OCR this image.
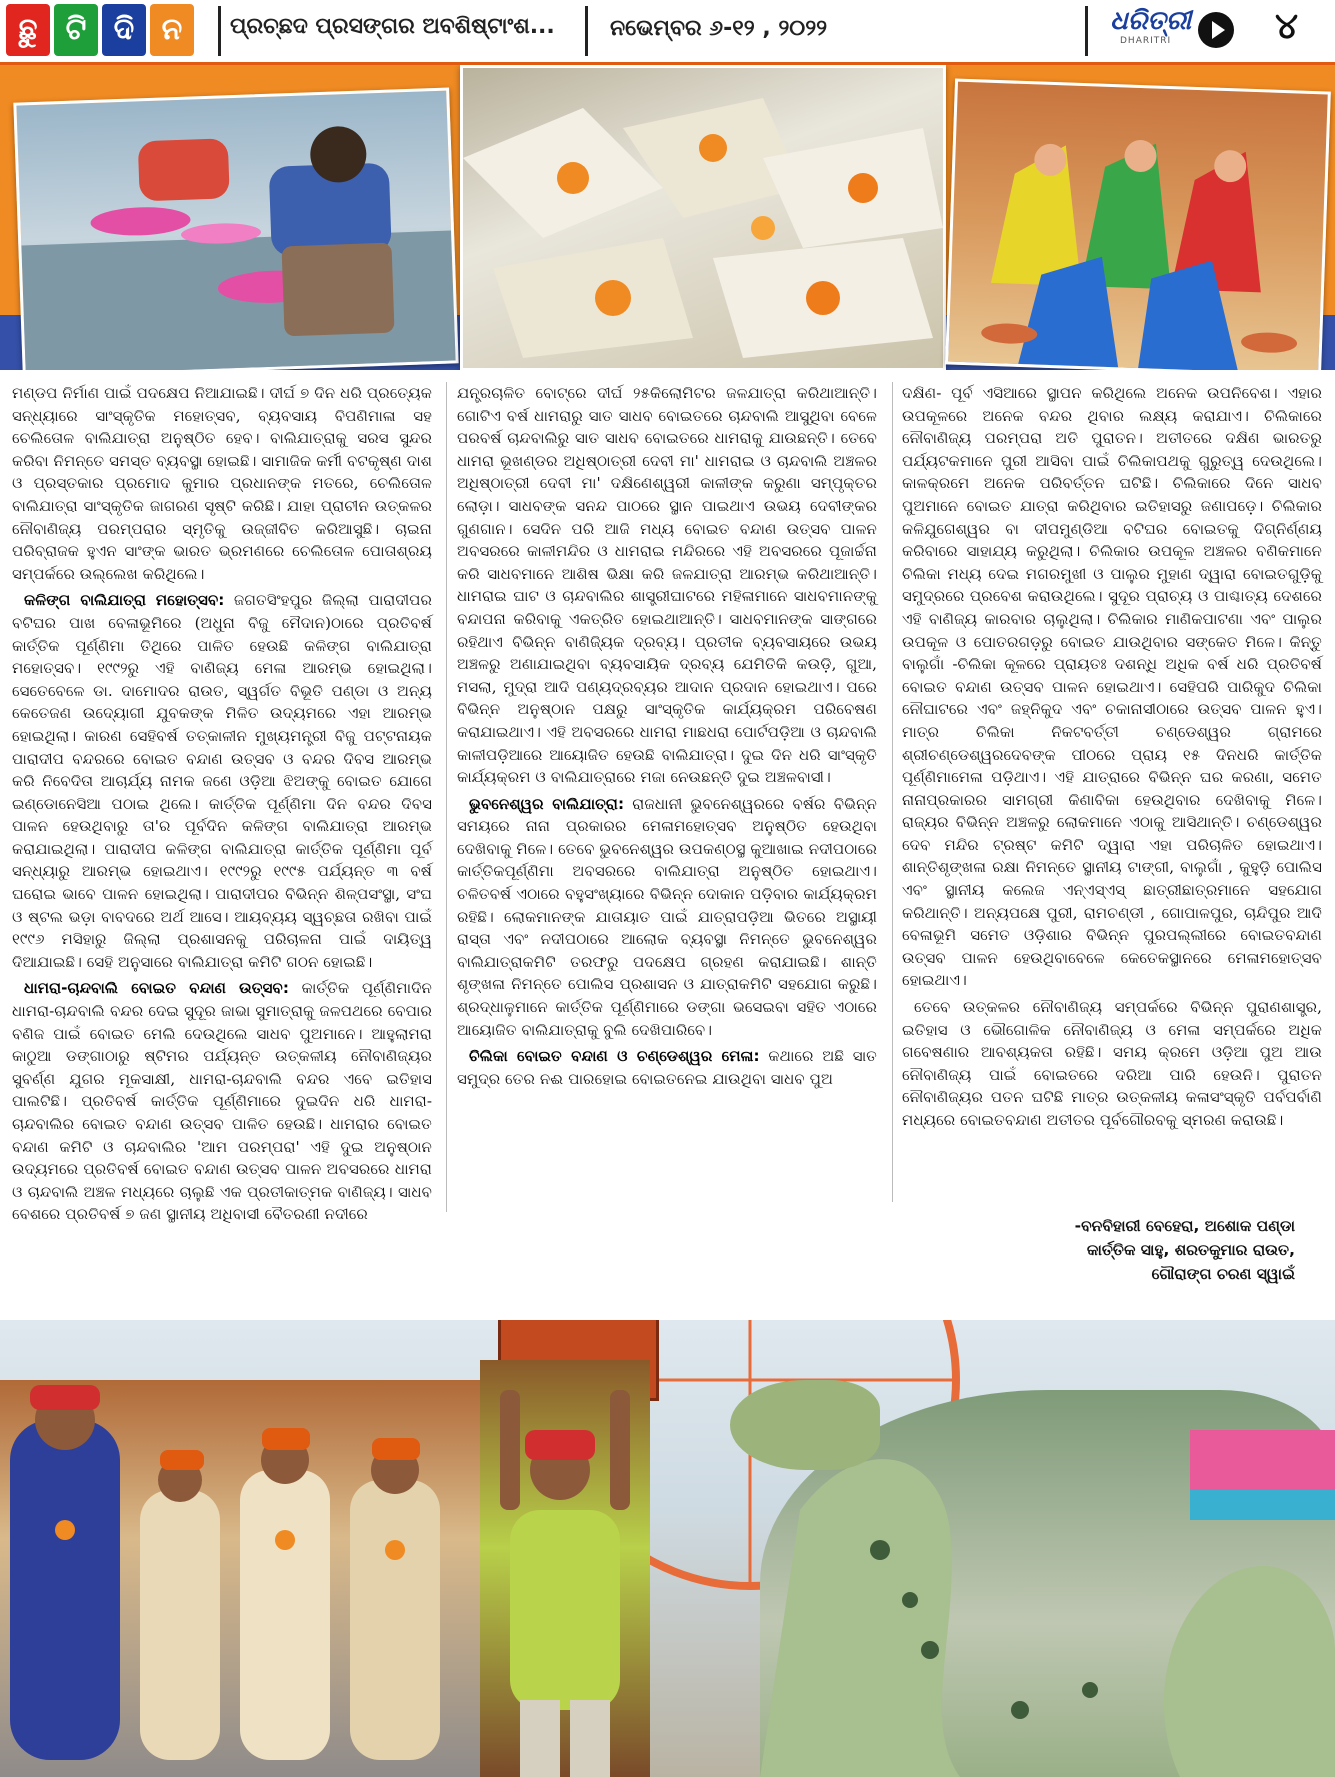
ଛୁ ଟି ଦି ନ	ପ୍ରଚ୍ଛଦ ପ୍ରସଙ୍ଗର ଅବଶିଷ୍ଟାଂଶ...	ନଭେମ୍ବର ୬-୧୨ , ୨୦୨୨	ଧରିତ୍ରୀ
DHARITRI	୪

ମଣ୍ଡପ ନିର୍ମାଣ ପାଇଁ ପଦକ୍ଷେପ ନିଆଯାଇଛି। ଦୀର୍ଘ ୭ ଦିନ ଧରି ପ୍ରତ୍ୟେକ ସନ୍ଧ୍ୟାରେ ସାଂସ୍କୃତିକ ମହୋତ୍ସବ, ବ୍ୟବସାୟ ବିପଣିମାଳା ସହ ଚେଲିତୋଳ ବାଲିଯାତ୍ରା ଅନୁଷ୍ଠିତ ହେବ। ବାଲିଯାତ୍ରାକୁ ସରସ ସୁନ୍ଦର କରିବା ନିମନ୍ତେ ସମସ୍ତ ବ୍ୟବସ୍ଥା ହୋଇଛି। ସାମାଜିକ କର୍ମୀ ବଟକୃଷ୍ଣ ଦାଶ ଓ ପ୍ରସ୍ତକାର ପ୍ରମୋଦ କୁମାର ପ୍ରଧାନଙ୍କ ମତରେ, ଚେଲିତୋଳ ବାଲିଯାତ୍ରା ସାଂସ୍କୃତିକ ଜାଗରଣ ସୃଷ୍ଟି କରିଛି। ଯାହା ପ୍ରାଚୀନ ଉତ୍କଳର ନୌବାଣିଜ୍ୟ ପରମ୍ପରାର ସ୍ମୃତିକୁ ଉଜ୍ଜୀବିତ କରିଆସୁଛି। ଚାଇନା ପରିବ୍ରାଜକ ହୁଏନ ସାଂଙ୍କ ଭାରତ ଭ୍ରମଣରେ ଚେଲିତୋଳ ପୋତାଶ୍ରୟ ସମ୍ପର୍କରେ ଉଲ୍ଲେଖ କରିଥିଲେ।

କଳିଙ୍ଗ ବାଲିଯାତ୍ରା ମହୋତ୍ସବ: ଜଗତସିଂହପୁର ଜିଲ୍ଲା ପାରାଦୀପର ବଟିଘର ପାଖ ବେଳାଭୂମିରେ (ଅଧୁନା ବିଜୁ ମୈଦାନ)ଠାରେ ପ୍ରତିବର୍ଷ କାର୍ତ୍ତିକ ପୂର୍ଣ୍ଣିମା ତିଥିରେ ପାଳିତ ହେଉଛି କଳିଙ୍ଗ ବାଲିଯାତ୍ରା ମହୋତ୍ସବ। ୧୯୯୨ରୁ ଏହି ବାଣିଜ୍ୟ ମେଳା ଆରମ୍ଭ ହୋଇଥିଲା। ସେତେବେଳେ ଡା. ଦାମୋଦର ରାଉତ, ସ୍ୱର୍ଗତ ବିଭୂତି ପଣ୍ଡା ଓ ଅନ୍ୟ କେତେଜଣ ଉଦ୍ୟୋଗୀ ଯୁବକଙ୍କ ମିଳିତ ଉଦ୍ୟମରେ ଏହା ଆରମ୍ଭ ହୋଇଥିଲା। କାରଣ ସେହିବର୍ଷ ତତ୍କାଳୀନ ମୁଖ୍ୟମନ୍ତ୍ରୀ ବିଜୁ ପଟ୍ଟନାୟକ ପାରାଦୀପ ବନ୍ଦରରେ ବୋଇତ ବନ୍ଦାଣ ଉତ୍ସବ ଓ ବନ୍ଦର ଦିବସ ଆରମ୍ଭ କରି ନିବେଦିତା ଆଚାର୍ଯ୍ୟ ନାମକ ଜଣେ ଓଡ଼ିଆ ଝିଅଙ୍କୁ ବୋଇତ ଯୋଗେ ଇଣ୍ଡୋନେସିଆ ପଠାଇ ଥିଲେ। କାର୍ତ୍ତିକ ପୂର୍ଣ୍ଣିମା ଦିନ ବନ୍ଦର ଦିବସ ପାଳନ ହେଉଥିବାରୁ ତା'ର ପୂର୍ବଦିନ କଳିଙ୍ଗ ବାଲିଯାତ୍ରା ଆରମ୍ଭ କରାଯାଇଥିଲା। ପାରାଦୀପ କଳିଙ୍ଗ ବାଲିଯାତ୍ରା କାର୍ତ୍ତିକ ପୂର୍ଣ୍ଣିମା ପୂର୍ବ ସନ୍ଧ୍ୟାରୁ ଆରମ୍ଭ ହୋଇଥାଏ। ୧୯୯୨ରୁ ୧୯୯୫ ପର୍ଯ୍ୟନ୍ତ ୩ ବର୍ଷ ଘରୋଇ ଭାବେ ପାଳନ ହୋଇଥିଲା। ପାରାଦୀପର ବିଭିନ୍ନ ଶିଳ୍ପସଂସ୍ଥା, ସଂଘ ଓ ଷ୍ଟଲ ଭଡ଼ା ବାବଦରେ ଅର୍ଥ ଆସେ। ଆୟବ୍ୟୟ ସ୍ୱଚ୍ଛତା ରଖିବା ପାଇଁ ୧୯୯୬ ମସିହାରୁ ଜିଲ୍ଲା ପ୍ରଶାସନକୁ ପରିଚାଳନା ପାଇଁ ଦାୟିତ୍ୱ ଦିଆଯାଇଛି। ସେହି ଅନୁସାରେ ବାଲିଯାତ୍ରା କମିଟି ଗଠନ ହୋଇଛି।

ଧାମରା-ଚାନ୍ଦବାଲି ବୋଇତ ବନ୍ଦାଣ ଉତ୍ସବ: କାର୍ତ୍ତିକ ପୂର୍ଣ୍ଣିମାଦିନ ଧାମରା-ଚାନ୍ଦବାଲି ବନ୍ଦର ଦେଇ ସୁଦୂର ଜାଭା ସୁମାତ୍ରାକୁ ଜଳପଥରେ ବେପାର ବଣିଜ ପାଇଁ ବୋଇତ ମେଲି ଦେଉଥିଲେ ସାଧବ ପୁଅମାନେ। ଆହୁଲାମରା କାଠୁଆ ଡଙ୍ଗାଠାରୁ ଷ୍ଟିମର ପର୍ଯ୍ୟନ୍ତ ଉତ୍କଳୀୟ ନୌବାଣିଜ୍ୟର ସୁବର୍ଣ୍ଣ ଯୁଗର ମୂକସାକ୍ଷୀ, ଧାମରା-ଚାନ୍ଦବାଲି ବନ୍ଦର ଏବେ ଇତିହାସ ପାଲଟିଛି। ପ୍ରତିବର୍ଷ କାର୍ତ୍ତିକ ପୂର୍ଣ୍ଣିମାରେ ଦୁଇଦିନ ଧରି ଧାମରା-ଚାନ୍ଦବାଲିର ବୋଇତ ବନ୍ଦାଣ ଉତ୍ସବ ପାଳିତ ହେଉଛି। ଧାମରାର ବୋଇତ ବନ୍ଦାଣ କମିଟି ଓ ଚାନ୍ଦବାଲିର 'ଆମ ପରମ୍ପରା' ଏହି ଦୁଇ ଅନୁଷ୍ଠାନ ଉଦ୍ୟମରେ ପ୍ରତିବର୍ଷ ବୋଇତ ବନ୍ଦାଣ ଉତ୍ସବ ପାଳନ ଅବସରରେ ଧାମରା ଓ ଚାନ୍ଦବାଲି ଅଞ୍ଚଳ ମଧ୍ୟରେ ଚାଲୁଛି ଏକ ପ୍ରତୀକାତ୍ମକ ବାଣିଜ୍ୟ। ସାଧବ ବେଶରେ ପ୍ରତିବର୍ଷ ୭ ଜଣ ସ୍ଥାନୀୟ ଅଧିବାସୀ ବୈତରଣୀ ନଦୀରେ

ଯନ୍ତ୍ରଚାଳିତ ବୋଟ୍‌ରେ ଦୀର୍ଘ ୨୫କିଲୋମିଟର ଜଳଯାତ୍ରା କରିଥାଆନ୍ତି। ଗୋଟିଏ ବର୍ଷ ଧାମରାରୁ ସାତ ସାଧବ ବୋଇତରେ ଚାନ୍ଦବାଲି ଆସୁଥିବା ବେଳେ ପରବର୍ଷ ଚାନ୍ଦବାଲିରୁ ସାତ ସାଧବ ବୋଇତରେ ଧାମରାକୁ ଯାଉଛନ୍ତି। ତେବେ ଧାମରା ଭୂଖଣ୍ଡର ଅଧିଷ୍ଠାତ୍ରୀ ଦେବୀ ମା' ଧାମରାଇ ଓ ଚାନ୍ଦବାଲି ଅଞ୍ଚଳର ଅଧିଷ୍ଠାତ୍ରୀ ଦେବୀ ମା' ଦକ୍ଷିଣେଶ୍ୱରୀ କାଳୀଙ୍କ କରୁଣା ସମ୍ପୃକ୍ତର ଲୋଡ଼ା। ସାଧବଙ୍କ ସନନ୍ଦ ପାଠରେ ସ୍ଥାନ ପାଇଥାଏ ଉଭୟ ଦେବୀଙ୍କର ଗୁଣଗାନ। ସେଦିନ ପରି ଆଜି ମଧ୍ୟ ବୋଇତ ବନ୍ଦାଣ ଉତ୍ସବ ପାଳନ ଅବସରରେ କାଳୀମନ୍ଦିର ଓ ଧାମରାଇ ମନ୍ଦିରରେ ଏହି ଅବସରରେ ପୂଜାର୍ଚ୍ଚନା କରି ସାଧବମାନେ ଆଶିଷ ଭିକ୍ଷା କରି ଜଳଯାତ୍ରା ଆରମ୍ଭ କରିଥାଆନ୍ତି। ଧାମରାଇ ଘାଟ ଓ ଚାନ୍ଦବାଲିର ଶାସ୍ତ୍ରୀଘାଟରେ ମହିଳାମାନେ ସାଧବମାନଙ୍କୁ ବନ୍ଦାପନା କରିବାକୁ ଏକତ୍ରିତ ହୋଇଥାଆନ୍ତି। ସାଧବମାନଙ୍କ ସାଙ୍ଗରେ ରହିଥାଏ ବିଭିନ୍ନ ବାଣିଜ୍ୟିକ ଦ୍ରବ୍ୟ। ପ୍ରତୀକ ବ୍ୟବସାୟରେ ଉଭୟ ଅଞ୍ଚଳରୁ ଅଣାଯାଇଥିବା ବ୍ୟବସାୟିକ ଦ୍ରବ୍ୟ ଯେମିତିକି କଉଡ଼ି, ଗୁଆ, ମସଲା, ମୁଦ୍ରା ଆଦି ପଣ୍ୟଦ୍ରବ୍ୟର ଆଦାନ ପ୍ରଦାନ ହୋଇଥାଏ। ପରେ ବିଭିନ୍ନ ଅନୁଷ୍ଠାନ ପକ୍ଷରୁ ସାଂସ୍କୃତିକ କାର୍ଯ୍ୟକ୍ରମ ପରିବେଷଣ କରାଯାଇଥାଏ। ଏହି ଅବସରରେ ଧାମରା ମାଛଧରା ପୋର୍ଟପଡ଼ିଆ ଓ ଚାନ୍ଦବାଲି କାଳୀପଡ଼ିଆରେ ଆୟୋଜିତ ହେଉଛି ବାଲିଯାତ୍ରା। ଦୁଇ ଦିନ ଧରି ସାଂସ୍କୃତି କାର୍ଯ୍ୟକ୍ରମ ଓ ବାଲିଯାତ୍ରାରେ ମଜା ନେଉଛନ୍ତି ଦୁଇ ଅଞ୍ଚଳବାସୀ।

ଭୁବନେଶ୍ୱର ବାଲିଯାତ୍ରା: ରାଜଧାନୀ ଭୁବନେଶ୍ୱରରେ ବର୍ଷର ବିଭିନ୍ନ ସମୟରେ ନାନା ପ୍ରକାରର ମେଳାମହୋତ୍ସବ ଅନୁଷ୍ଠିତ ହେଉଥିବା ଦେଖିବାକୁ ମିଳେ। ତେବେ ଭୁବନେଶ୍ୱର ଉପକଣ୍ଠସ୍ଥ କୁଆଖାଇ ନଦୀପଠାରେ କାର୍ତ୍ତିକପୂର୍ଣ୍ଣିମା ଅବସରରେ ବାଲିଯାତ୍ରା ଅନୁଷ୍ଠିତ ହୋଇଥାଏ। ଚଳିତବର୍ଷ ଏଠାରେ ବହୁସଂଖ୍ୟାରେ ବିଭିନ୍ନ ଦୋକାନ ପଡ଼ିବାର କାର୍ଯ୍ୟକ୍ରମ ରହିଛି। ଲୋକମାନଙ୍କ ଯାତାୟାତ ପାଇଁ ଯାତ୍ରାପଡ଼ିଆ ଭିତରେ ଅସ୍ଥାୟୀ ରାସ୍ତା ଏବଂ ନଦୀପଠାରେ ଆଲୋକ ବ୍ୟବସ୍ଥା ନିମନ୍ତେ ଭୁବନେଶ୍ୱର ବାଲିଯାତ୍ରାକମିଟି ତରଫରୁ ପଦକ୍ଷେପ ଗ୍ରହଣ କରାଯାଇଛି। ଶାନ୍ତି ଶୃଙ୍ଖଳା ନିମନ୍ତେ ପୋଲିସ ପ୍ରଶାସନ ଓ ଯାତ୍ରାକମିଟି ସହଯୋଗ କରୁଛି। ଶ୍ରଦ୍ଧାଳୁମାନେ କାର୍ତ୍ତିକ ପୂର୍ଣ୍ଣିମାରେ ଡଙ୍ଗା ଭସେଇବା ସହିତ ଏଠାରେ ଆୟୋଜିତ ବାଲିଯାତ୍ରାକୁ ବୁଲି ଦେଖିପାରିବେ।

ଚିଲିକା ବୋଇତ ବନ୍ଦାଣ ଓ ଚଣ୍ଡେଶ୍ୱର ମେଳା: କଥାରେ ଅଛି ସାତ ସମୁଦ୍ର ତେର ନଈ ପାରହୋଇ ବୋଇତନେଇ ଯାଉଥିବା ସାଧବ ପୁଅ

ଦକ୍ଷିଣ- ପୂର୍ବ ଏସିଆରେ ସ୍ଥାପନ କରିଥିଲେ ଅନେକ ଉପନିବେଶ। ଏହାର ଉପକୂଳରେ ଅନେକ ବନ୍ଦର ଥିବାର ଲକ୍ଷ୍ୟ କରାଯାଏ। ଚିଲିକାରେ ନୌବାଣିଜ୍ୟ ପରମ୍ପରା ଅତି ପୁରାତନ। ଅତୀତରେ ଦକ୍ଷିଣ ଭାରତରୁ ପର୍ଯ୍ୟଟକମାନେ ପୁରୀ ଆସିବା ପାଇଁ ଚିଲିକାପଥକୁ ଗୁରୁତ୍ୱ ଦେଉଥିଲେ। କାଳକ୍ରମେ ଅନେକ ପରିବର୍ତ୍ତନ ଘଟିଛି। ଚିଲିକାରେ ଦିନେ ସାଧବ ପୁଅମାନେ ବୋଇତ ଯାତ୍ରା କରିଥିବାର ଇତିହାସରୁ ଜଣାପଡ଼େ। ଚିଲିକାର କଳିଯୁଗେଶ୍ୱର ବା ଦୀପମୁଣ୍ଡିଆ ବଟିଘର ବୋଇତକୁ ଦିଗ୍‌ନିର୍ଣ୍ଣୟ କରିବାରେ ସାହାଯ୍ୟ କରୁଥିଲା। ଚିଲିକାର ଉପକୂଳ ଅଞ୍ଚଳର ବଣିକମାନେ ଚିଲିକା ମଧ୍ୟ ଦେଇ ମଗରମୁଖୀ ଓ ପାଲୁର ମୁହାଣ ଦ୍ୱାରା ବୋଇତଗୁଡ଼ିକୁ ସମୁଦ୍ରରେ ପ୍ରବେଶ କରାଉଥିଲେ। ସୁଦୂର ପ୍ରାଚ୍ୟ ଓ ପାଶ୍ଚାତ୍ୟ ଦେଶରେ ଏହି ବାଣିଜ୍ୟ କାରବାର ଚାଲୁଥିଲା। ଚିଲିକାର ମାଣିକପାଟଣା ଏବଂ ପାଲୁର ଉପକୂଳ ଓ ପୋତରଗଡ଼ରୁ ବୋଇତ ଯାଉଥିବାର ସଙ୍କେତ ମିଳେ। କିନ୍ତୁ ବାଲୁଗାଁ -ଚିଲିକା କୂଳରେ ପ୍ରାୟତଃ ଦଶନ୍ଧି ଅଧିକ ବର୍ଷ ଧରି ପ୍ରତିବର୍ଷ ବୋଇତ ବନ୍ଦାଣ ଉତ୍ସବ ପାଳନ ହୋଇଥାଏ। ସେହିପରି ପାରିକୁଦ ଚିଲିକା ନୌଘାଟରେ ଏବଂ ଜହ୍ନିକୁଦ ଏବଂ ଚକାନାସୀଠାରେ ଉତ୍ସବ ପାଳନ ହୁଏ। ମାତ୍ର ଚିଲିକା ନିକଟବର୍ତ୍ତୀ ଚଣ୍ଡେଶ୍ୱର ଗ୍ରାମରେ ଶ୍ରୀଚଣ୍ଡେଶ୍ୱରଦେବଙ୍କ ପୀଠରେ ପ୍ରାୟ ୧୫ ଦିନଧରି କାର୍ତ୍ତିକ ପୂର୍ଣ୍ଣିମାମେଳା ପଡ଼ିଥାଏ। ଏହି ଯାତ୍ରାରେ ବିଭିନ୍ନ ଘର କରଣା, ସମେତ ନାନାପ୍ରକାରର ସାମଗ୍ରୀ କିଣାବିକା ହେଉଥିବାର ଦେଖିବାକୁ ମିଳେ। ରାଜ୍ୟର ବିଭିନ୍ନ ଅଞ୍ଚଳରୁ ଲୋକମାନେ ଏଠାକୁ ଆସିଥାନ୍ତି। ଚଣ୍ଡେଶ୍ୱର ଦେବ ମନ୍ଦିର ଟ୍ରଷ୍ଟ କମିଟି ଦ୍ୱାରା ଏହା ପରିଚାଳିତ ହୋଇଥାଏ। ଶାନ୍ତିଶୃଙ୍ଖଳା ରକ୍ଷା ନିମନ୍ତେ ସ୍ଥାନୀୟ ଟାଙ୍ଗୀ, ବାଲୁଗାଁ , କୁହୁଡ଼ି ପୋଲିସ ଏବଂ ସ୍ଥାନୀୟ କଲେଜ ଏନ୍‌ଏସ୍‌ଏସ୍ ଛାତ୍ରୀଛାତ୍ରମାନେ ସହଯୋଗ କରିଥାନ୍ତି। ଅନ୍ୟପକ୍ଷେ ପୁରୀ, ରାମଚଣ୍ଡୀ , ଗୋପାଳପୁର, ଚାନ୍ଦିପୁର ଆଦି ବେଳାଭୂମି ସମେତ ଓଡ଼ିଶାର ବିଭିନ୍ନ ପୁରପଲ୍ଲୀରେ ବୋଇତବନ୍ଦାଣ ଉତ୍ସବ ପାଳନ ହେଉଥିବାବେଳେ କେତେକସ୍ଥାନରେ ମେଳାମହୋତ୍ସବ ହୋଇଥାଏ।

ତେବେ ଉତ୍କଳର ନୌବାଣିଜ୍ୟ ସମ୍ପର୍କରେ ବିଭିନ୍ନ ପୁରାଣଶାସ୍ତ୍ର, ଇତିହାସ ଓ ଭୌଗୋଳିକ ନୌବାଣିଜ୍ୟ ଓ ମେଳା ସମ୍ପର୍କରେ ଅଧିକ ଗବେଷଣାର ଆବଶ୍ୟକତା ରହିଛି। ସମୟ କ୍ରମେ ଓଡ଼ିଆ ପୁଅ ଆଉ ନୌବାଣିଜ୍ୟ ପାଇଁ ବୋଇତରେ ଦରିଆ ପାରି ହେଉନି। ପୁରାତନ ନୌବାଣିଜ୍ୟର ପତନ ଘଟିଛି ମାତ୍ର ଉତ୍କଳୀୟ କଳାସଂସ୍କୃତି ପର୍ବପର୍ବାଣି ମଧ୍ୟରେ ବୋଇତବନ୍ଦାଣ ଅତୀତର ପୂର୍ବଗୌରବକୁ ସ୍ମରଣ କରାଉଛି।

-ବନବିହାରୀ ବେହେରା, ଅଶୋକ ପଣ୍ଡା
କାର୍ତ୍ତିକ ସାହୁ, ଶରତକୁମାର ରାଉତ,
ଗୌରାଙ୍ଗ ଚରଣ ସ୍ୱାଇଁ
